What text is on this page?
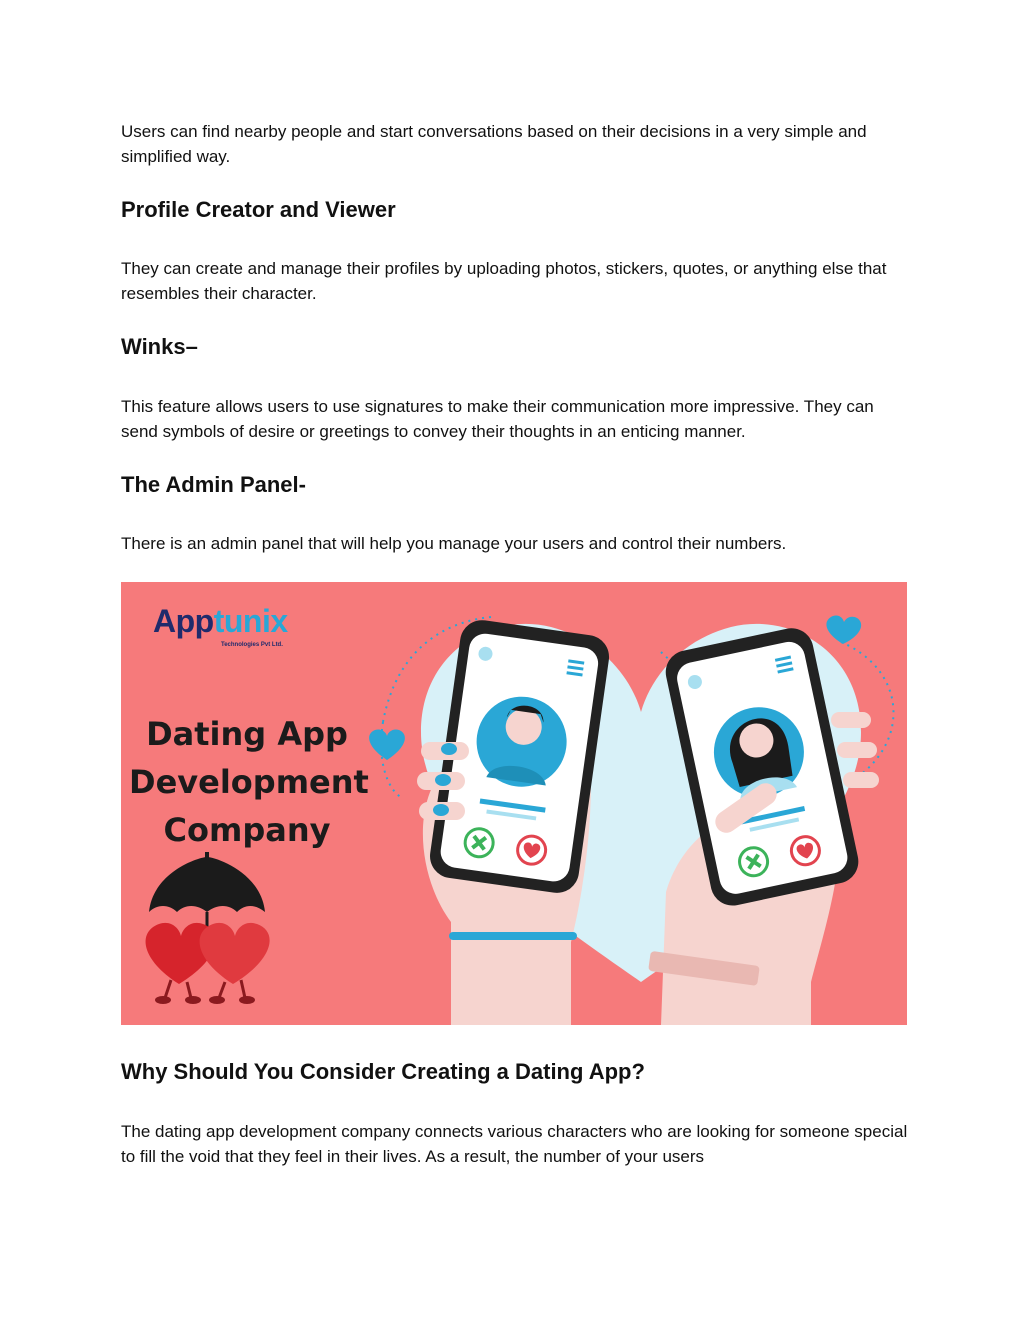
Users can find nearby people and start conversations based on their decisions in a very simple and simplified way.

Profile Creator and Viewer

They can create and manage their profiles by uploading photos, stickers, quotes, or anything else that resembles their character.

Winks–

This feature allows users to use signatures to make their communication more impressive. They can send symbols of desire or greetings to convey their thoughts in an enticing manner.

The Admin Panel-

There is an admin panel that will help you manage your users and control their numbers.

Apptunix
Technologies Pvt Ltd.
Dating App
Development
Company
Why Should You Consider Creating a Dating App?

The dating app development company connects various characters who are looking for someone special to fill the void that they feel in their lives. As a result, the number of your users
